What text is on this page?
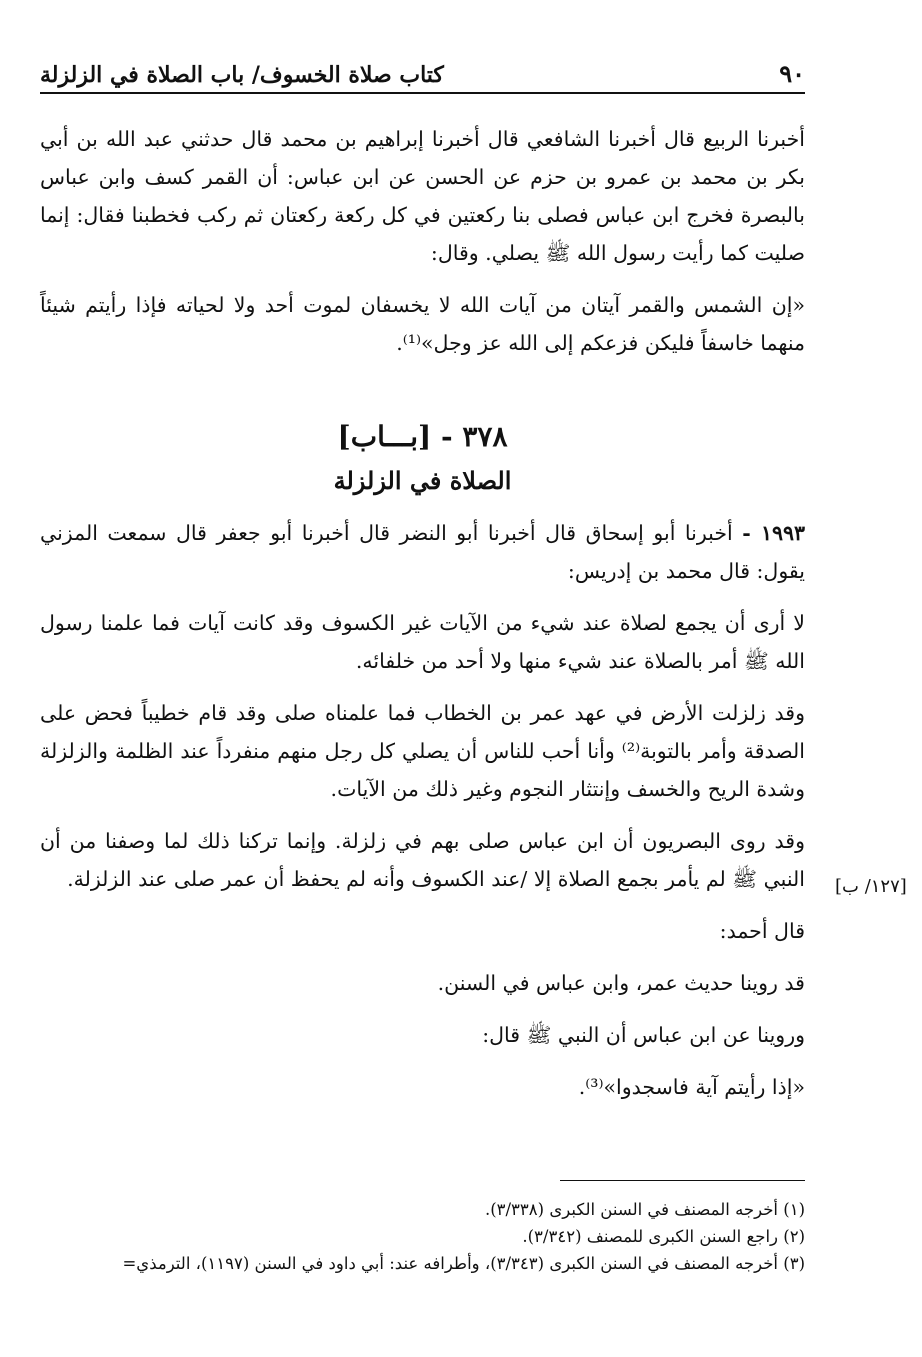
كتاب صلاة الخسوف/ باب الصلاة في الزلزلة	٩٠

أخبرنا الربيع قال أخبرنا الشافعي قال أخبرنا إبراهيم بن محمد قال حدثني عبد الله بن أبي بكر بن محمد بن عمرو بن حزم عن الحسن عن ابن عباس: أن القمر كسف وابن عباس بالبصرة فخرج ابن عباس فصلى بنا ركعتين في كل ركعة ركعتان ثم ركب فخطبنا فقال: إنما صليت كما رأيت رسول الله ﷺ يصلي. وقال:

«إن الشمس والقمر آيتان من آيات الله لا يخسفان لموت أحد ولا لحياته فإذا رأيتم شيئاً منهما خاسفاً فليكن فزعكم إلى الله عز وجل»⁽¹⁾.

٣٧٨ - [بـــاب]
الصلاة في الزلزلة

١٩٩٣ - أخبرنا أبو إسحاق قال أخبرنا أبو النضر قال أخبرنا أبو جعفر قال سمعت المزني يقول: قال محمد بن إدريس:

لا أرى أن يجمع لصلاة عند شيء من الآيات غير الكسوف وقد كانت آيات فما علمنا رسول الله ﷺ أمر بالصلاة عند شيء منها ولا أحد من خلفائه.

وقد زلزلت الأرض في عهد عمر بن الخطاب فما علمناه صلى وقد قام خطيباً فحض على الصدقة وأمر بالتوبة⁽²⁾ وأنا أحب للناس أن يصلي كل رجل منهم منفرداً عند الظلمة والزلزلة وشدة الريح والخسف وإنتثار النجوم وغير ذلك من الآيات.

وقد روى البصريون أن ابن عباس صلى بهم في زلزلة. وإنما تركنا ذلك لما وصفنا من أن النبي ﷺ لم يأمر بجمع الصلاة إلا /عند الكسوف وأنه لم يحفظ أن عمر صلى عند الزلزلة.

قال أحمد:

قد روينا حديث عمر، وابن عباس في السنن.

وروينا عن ابن عباس أن النبي ﷺ قال:

«إذا رأيتم آية فاسجدوا»⁽³⁾.

[١٢٧/ ب]
(١) أخرجه المصنف في السنن الكبرى (٣/٣٣٨).
(٢) راجع السنن الكبرى للمصنف (٣/٣٤٢).
(٣) أخرجه المصنف في السنن الكبرى (٣/٣٤٣)، وأطرافه عند: أبي داود في السنن (١١٩٧)، الترمذي=
